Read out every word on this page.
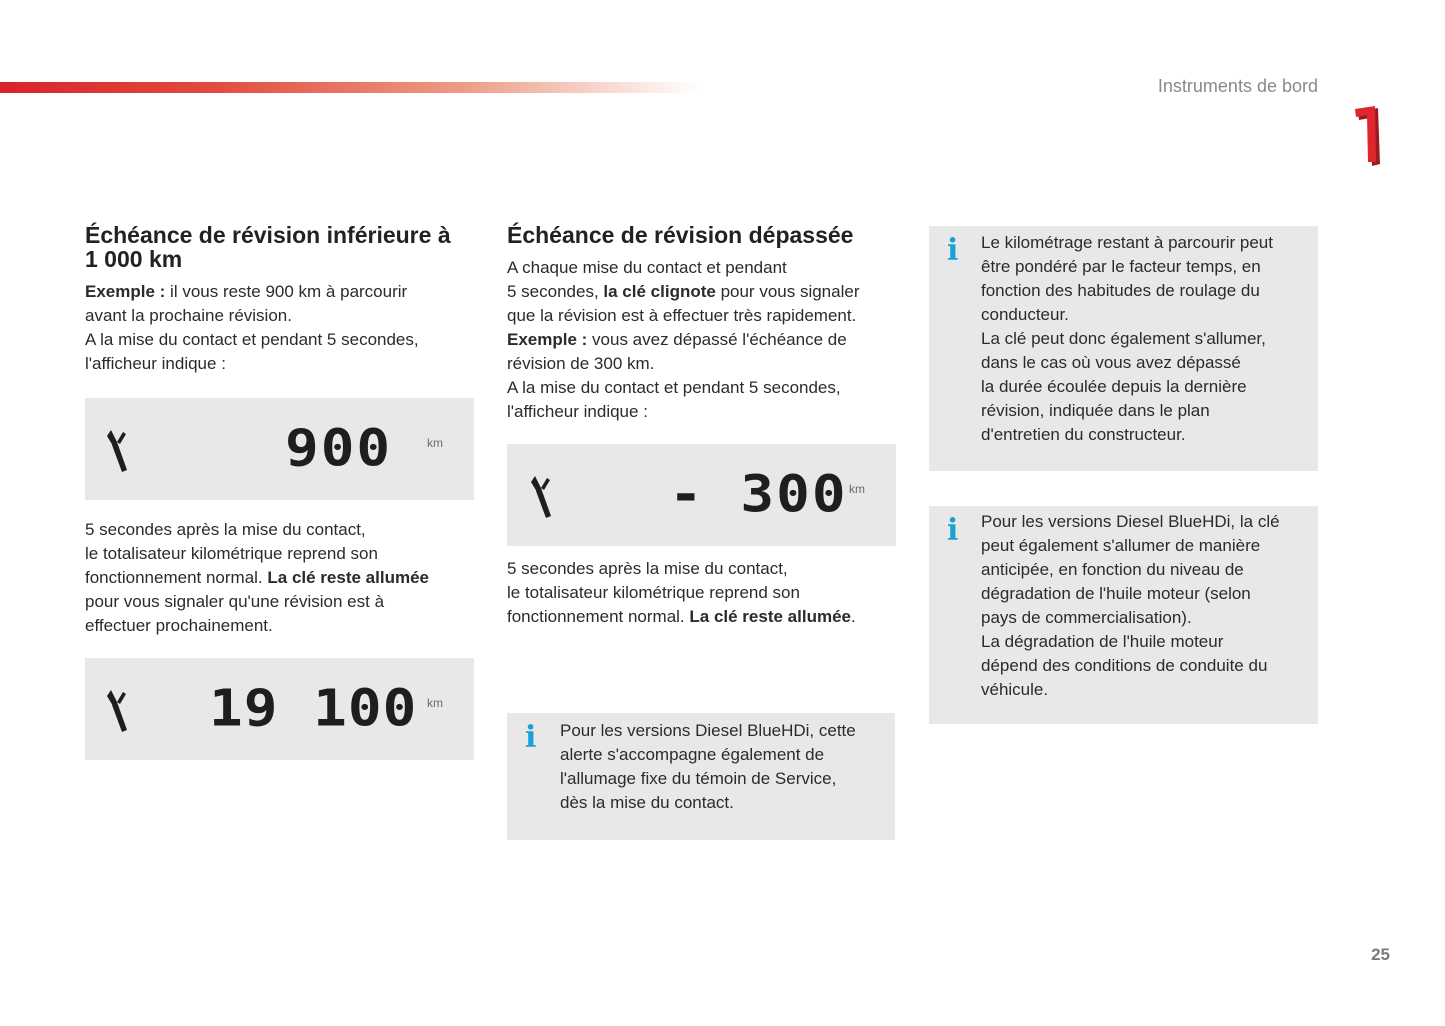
Instruments de bord
Échéance de révision inférieure à
1 000 km
Exemple : il vous reste 900 km à parcourir
avant la prochaine révision.
A la mise du contact et pendant 5 secondes,
l'afficheur indique :
900	km
5 secondes après la mise du contact,
le totalisateur kilométrique reprend son
fonctionnement normal. La clé reste allumée
pour vous signaler qu'une révision est à
effectuer prochainement.
19 100 km
Échéance de révision dépassée
A chaque mise du contact et pendant
5 secondes, la clé clignote pour vous signaler
que la révision est à effectuer très rapidement.
Exemple : vous avez dépassé l'échéance de
révision de 300 km.
A la mise du contact et pendant 5 secondes,
l'afficheur indique :
- 300 km
5 secondes après la mise du contact,
le totalisateur kilométrique reprend son
fonctionnement normal. La clé reste allumée.
i Pour les versions Diesel BlueHDi, cette
alerte s'accompagne également de
l'allumage fixe du témoin de Service,
dès la mise du contact.
i Le kilométrage restant à parcourir peut
être pondéré par le facteur temps, en
fonction des habitudes de roulage du
conducteur.
La clé peut donc également s'allumer,
dans le cas où vous avez dépassé
la durée écoulée depuis la dernière
révision, indiquée dans le plan
d'entretien du constructeur.
i Pour les versions Diesel BlueHDi, la clé
peut également s'allumer de manière
anticipée, en fonction du niveau de
dégradation de l'huile moteur (selon
pays de commercialisation).
La dégradation de l'huile moteur
dépend des conditions de conduite du
véhicule.
25
